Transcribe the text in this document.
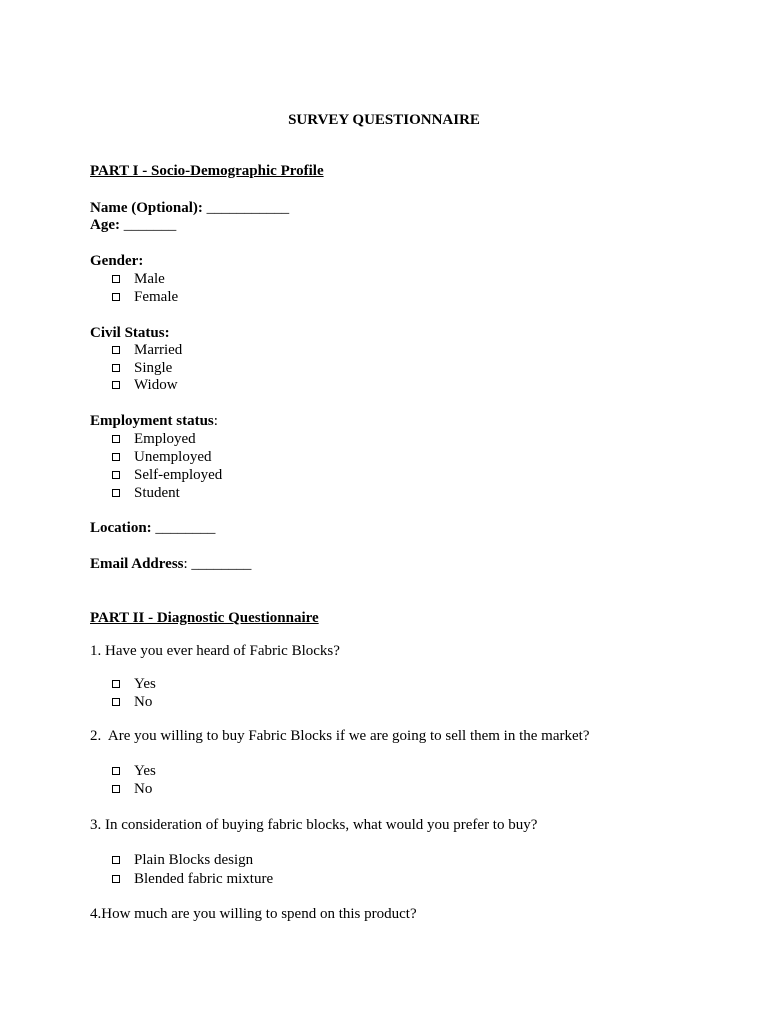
SURVEY QUESTIONNAIRE
PART I - Socio-Demographic Profile
Name (Optional): ___________
Age: _______
Gender:
Male
Female
Civil Status:
Married
Single
Widow
Employment status:
Employed
Unemployed
Self-employed
Student
Location: ________
Email Address: ________
PART II - Diagnostic Questionnaire
1. Have you ever heard of Fabric Blocks?
Yes
No
2.  Are you willing to buy Fabric Blocks if we are going to sell them in the market?
Yes
No
3. In consideration of buying fabric blocks, what would you prefer to buy?
Plain Blocks design
Blended fabric mixture
4.How much are you willing to spend on this product?
